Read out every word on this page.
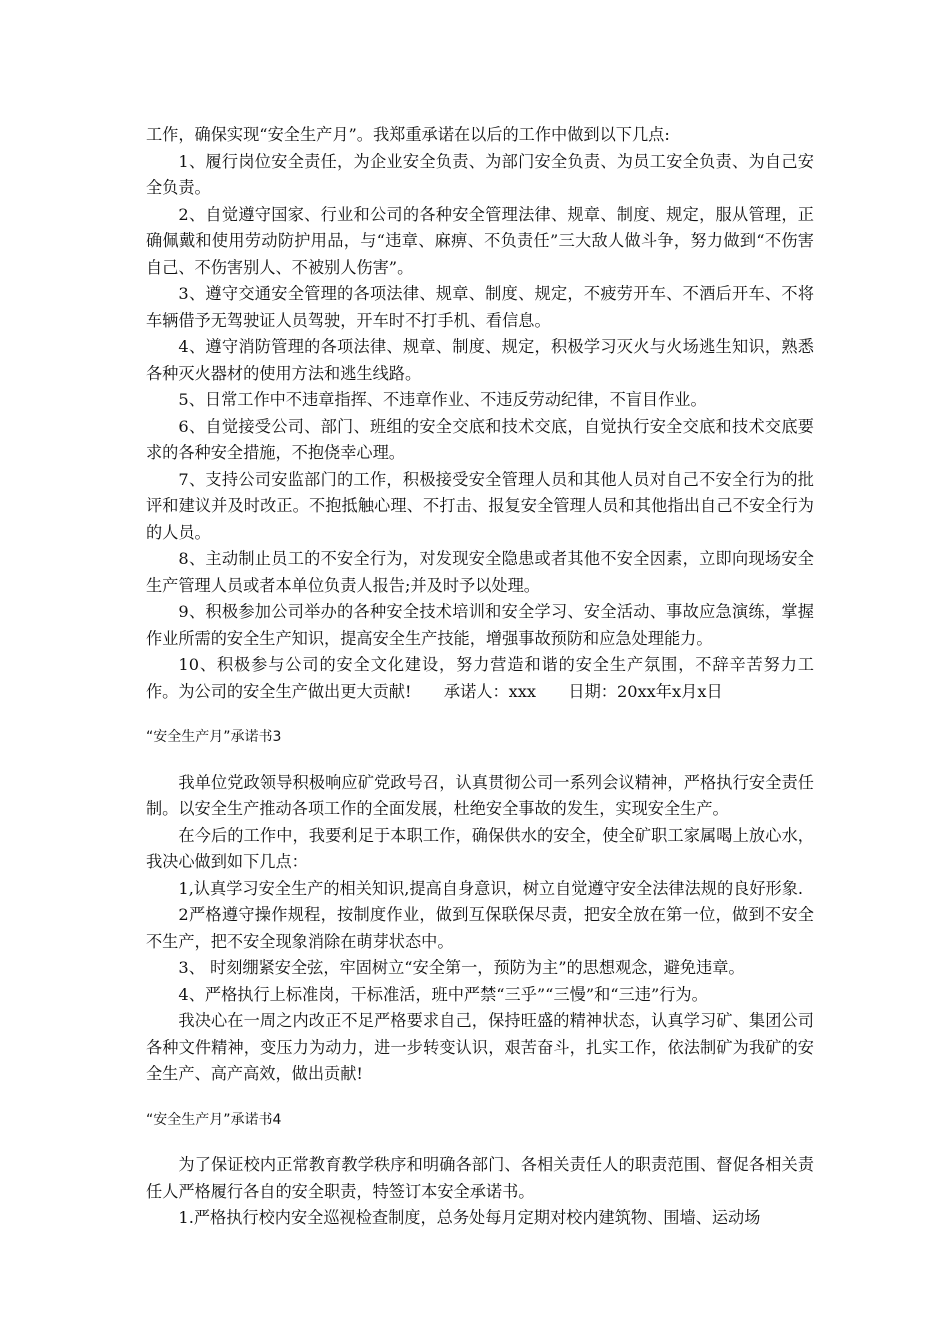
工作，确保实现“安全生产月”。我郑重承诺在以后的工作中做到以下几点:

1、履行岗位安全责任，为企业安全负责、为部门安全负责、为员工安全负责、为自己安全负责。

2、自觉遵守国家、行业和公司的各种安全管理法律、规章、制度、规定，服从管理，正确佩戴和使用劳动防护用品，与“违章、麻痹、不负责任”三大敌人做斗争，努力做到“不伤害自己、不伤害别人、不被别人伤害”。

3、遵守交通安全管理的各项法律、规章、制度、规定，不疲劳开车、不酒后开车、不将车辆借予无驾驶证人员驾驶，开车时不打手机、看信息。

4、遵守消防管理的各项法律、规章、制度、规定，积极学习灭火与火场逃生知识，熟悉各种灭火器材的使用方法和逃生线路。

5、日常工作中不违章指挥、不违章作业、不违反劳动纪律，不盲目作业。

6、自觉接受公司、部门、班组的安全交底和技术交底，自觉执行安全交底和技术交底要求的各种安全措施，不抱侥幸心理。

7、支持公司安监部门的工作，积极接受安全管理人员和其他人员对自己不安全行为的批评和建议并及时改正。不抱抵触心理、不打击、报复安全管理人员和其他指出自己不安全行为的人员。

8、主动制止员工的不安全行为，对发现安全隐患或者其他不安全因素，立即向现场安全生产管理人员或者本单位负责人报告;并及时予以处理。

9、积极参加公司举办的各种安全技术培训和安全学习、安全活动、事故应急演练，掌握作业所需的安全生产知识，提高安全生产技能，增强事故预防和应急处理能力。

10、积极参与公司的安全文化建设，努力营造和谐的安全生产氛围，不辞辛苦努力工作。为公司的安全生产做出更大贡献!　　承诺人：xxx　　日期：20xx年x月x日

“安全生产月”承诺书3

我单位党政领导积极响应矿党政号召，认真贯彻公司一系列会议精神，严格执行安全责任制。以安全生产推动各项工作的全面发展，杜绝安全事故的发生，实现安全生产。

在今后的工作中，我要利足于本职工作，确保供水的安全，使全矿职工家属喝上放心水，我决心做到如下几点：

1,认真学习安全生产的相关知识,提高自身意识，树立自觉遵守安全法律法规的良好形象.

2严格遵守操作规程，按制度作业，做到互保联保尽责，把安全放在第一位，做到不安全不生产，把不安全现象消除在萌芽状态中。

3、 时刻绷紧安全弦，牢固树立“安全第一，预防为主”的思想观念，避免违章。

4、严格执行上标准岗，干标准活，班中严禁“三乎”“三慢”和“三违”行为。

我决心在一周之内改正不足严格要求自己，保持旺盛的精神状态，认真学习矿、集团公司各种文件精神，变压力为动力，进一步转变认识，艰苦奋斗，扎实工作，依法制矿为我矿的安全生产、高产高效，做出贡献!

“安全生产月”承诺书4

为了保证校内正常教育教学秩序和明确各部门、各相关责任人的职责范围、督促各相关责任人严格履行各自的安全职责，特签订本安全承诺书。

1.严格执行校内安全巡视检查制度，总务处每月定期对校内建筑物、围墙、运动场
